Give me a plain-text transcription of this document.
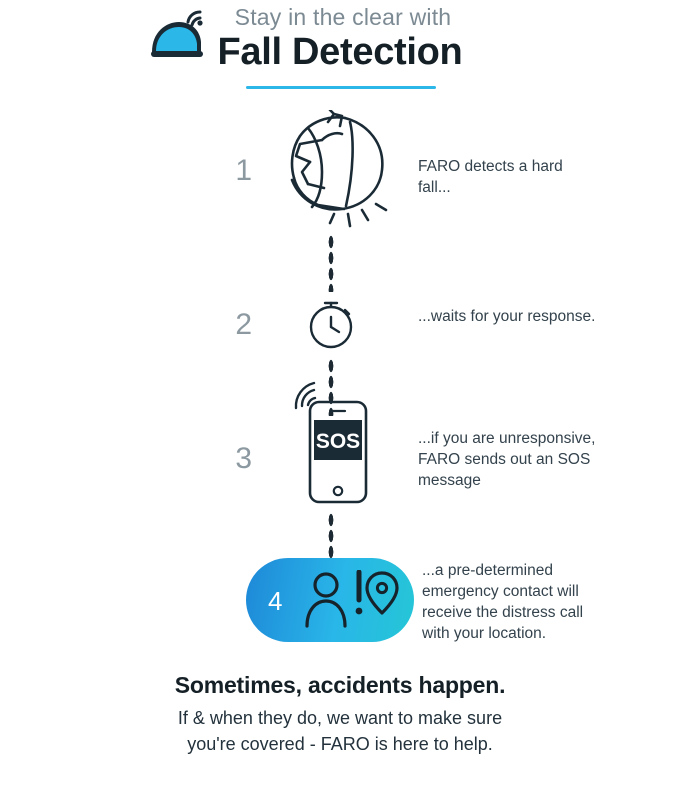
Stay in the clear with

Fall Detection
1	FARO detects a hard fall...
2	...waits for your response.
3
SOS	...if you are unresponsive, FARO sends out an SOS message
4
...a pre-determined emergency contact will receive the distress call with your location.

Sometimes, accidents happen.

If & when they do, we want to make sure

you're covered - FARO is here to help.
